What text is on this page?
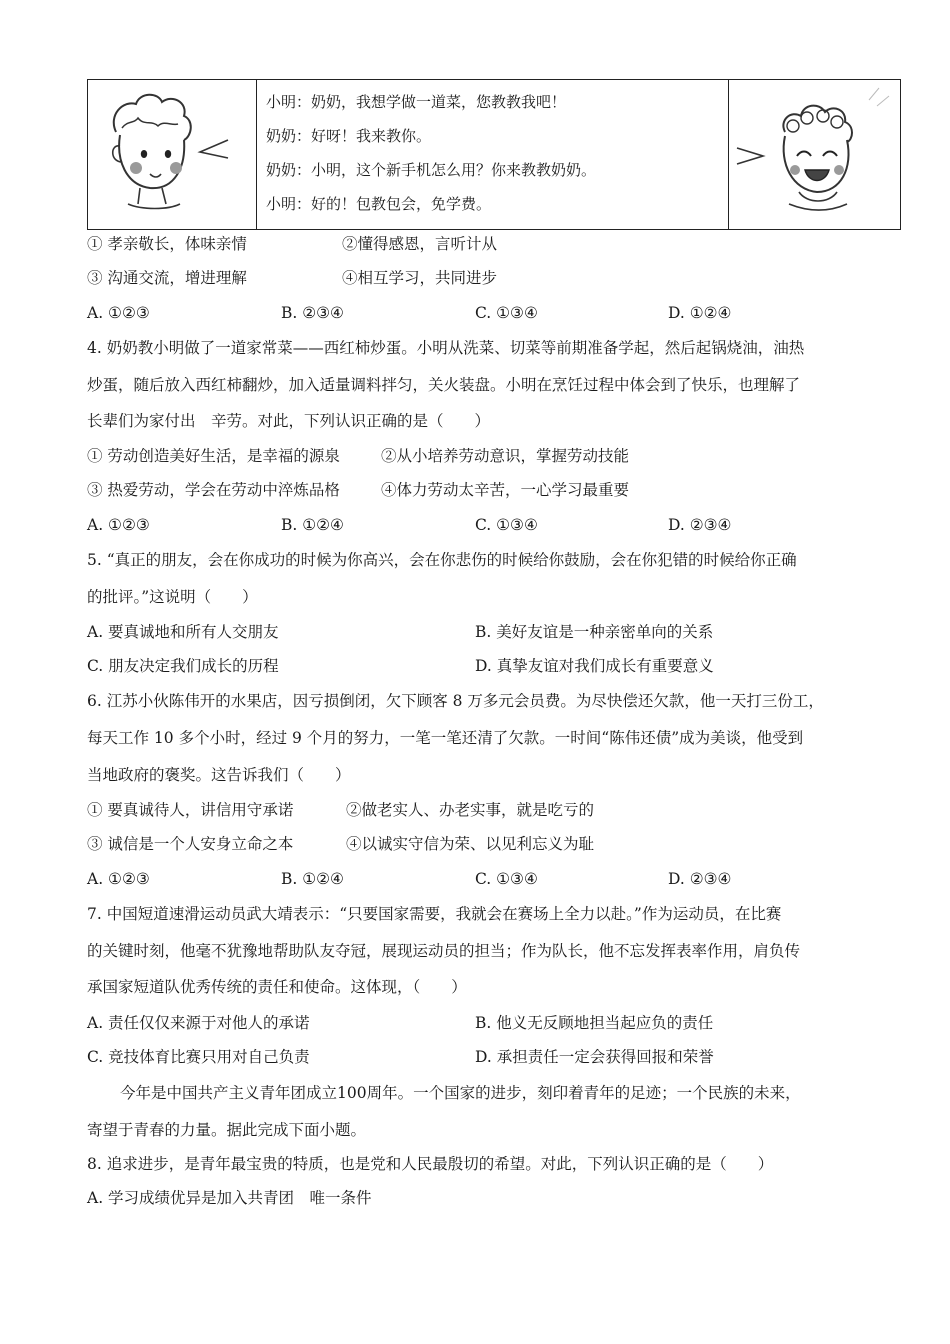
小明：奶奶，我想学做一道菜，您教教我吧！
奶奶：好呀！我来教你。
奶奶：小明，这个新手机怎么用？你来教教奶奶。
小明：好的！包教包会，免学费。
① 孝亲敬长，体味亲情	②懂得感恩，言听计从
③ 沟通交流，增进理解	④相互学习，共同进步
A. ①②③	B. ②③④	C. ①③④	D. ①②④
4. 奶奶教小明做了一道家常菜——西红柿炒蛋。小明从洗菜、切菜等前期准备学起，然后起锅烧油，油热
炒蛋，随后放入西红柿翻炒，加入适量调料拌匀，关火装盘。小明在烹饪过程中体会到了快乐，也理解了
长辈们为家付出　辛劳。对此，下列认识正确的是（　　）
① 劳动创造美好生活，是幸福的源泉	②从小培养劳动意识，掌握劳动技能
③ 热爱劳动，学会在劳动中淬炼品格	④体力劳动太辛苦，一心学习最重要
A. ①②③	B. ①②④	C. ①③④	D. ②③④
5. “真正的朋友，会在你成功的时候为你高兴，会在你悲伤的时候给你鼓励，会在你犯错的时候给你正确
的批评。”这说明（　　）
A. 要真诚地和所有人交朋友	B. 美好友谊是一种亲密单向的关系
C. 朋友决定我们成长的历程	D. 真挚友谊对我们成长有重要意义
6. 江苏小伙陈伟开的水果店，因亏损倒闭，欠下顾客 8 万多元会员费。为尽快偿还欠款，他一天打三份工，
每天工作 10 多个小时，经过 9 个月的努力，一笔一笔还清了欠款。一时间“陈伟还债”成为美谈，他受到
当地政府的褒奖。这告诉我们（　　）
① 要真诚待人，讲信用守承诺	②做老实人、办老实事，就是吃亏的
③ 诚信是一个人安身立命之本	④以诚实守信为荣、以见利忘义为耻
A. ①②③	B. ①②④	C. ①③④	D. ②③④
7. 中国短道速滑运动员武大靖表示：“只要国家需要，我就会在赛场上全力以赴。”作为运动员，在比赛
的关键时刻，他毫不犹豫地帮助队友夺冠，展现运动员的担当；作为队长，他不忘发挥表率作用，肩负传
承国家短道队优秀传统的责任和使命。这体现，（　　）
A. 责任仅仅来源于对他人的承诺	B. 他义无反顾地担当起应负的责任
C. 竞技体育比赛只用对自己负责	D. 承担责任一定会获得回报和荣誉
今年是中国共产主义青年团成立100周年。一个国家的进步，刻印着青年的足迹；一个民族的未来，
寄望于青春的力量。据此完成下面小题。
8. 追求进步，是青年最宝贵的特质，也是党和人民最殷切的希望。对此，下列认识正确的是（　　）
A. 学习成绩优异是加入共青团　唯一条件
